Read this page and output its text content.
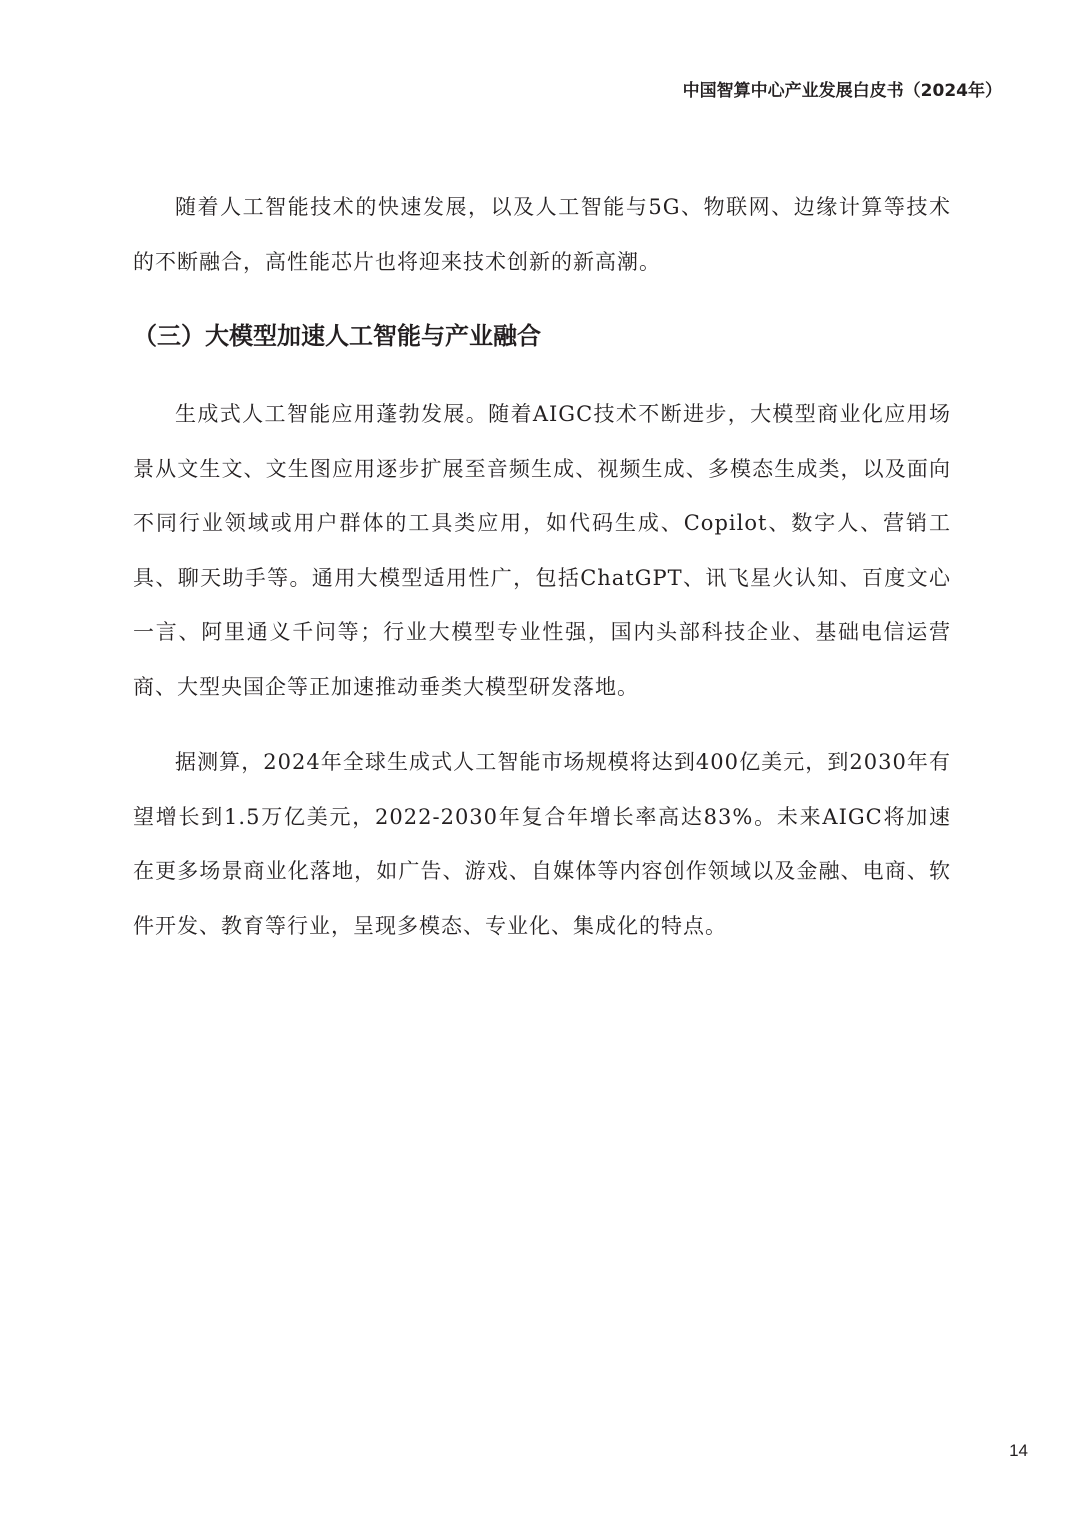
中国智算中心产业发展白皮书（2024年）

随着人工智能技术的快速发展，以及人工智能与5G、物联网、边缘计算等技术的不断融合，高性能芯片也将迎来技术创新的新高潮。

（三）大模型加速人工智能与产业融合

生成式人工智能应用蓬勃发展。随着AIGC技术不断进步，大模型商业化应用场景从文生文、文生图应用逐步扩展至音频生成、视频生成、多模态生成类，以及面向不同行业领域或用户群体的工具类应用，如代码生成、Copilot、数字人、营销工具、聊天助手等。通用大模型适用性广，包括ChatGPT、讯飞星火认知、百度文心一言、阿里通义千问等；行业大模型专业性强，国内头部科技企业、基础电信运营商、大型央国企等正加速推动垂类大模型研发落地。

据测算，2024年全球生成式人工智能市场规模将达到400亿美元，到2030年有望增长到1.5万亿美元，2022-2030年复合年增长率高达83%。未来AIGC将加速在更多场景商业化落地，如广告、游戏、自媒体等内容创作领域以及金融、电商、软件开发、教育等行业，呈现多模态、专业化、集成化的特点。

14
